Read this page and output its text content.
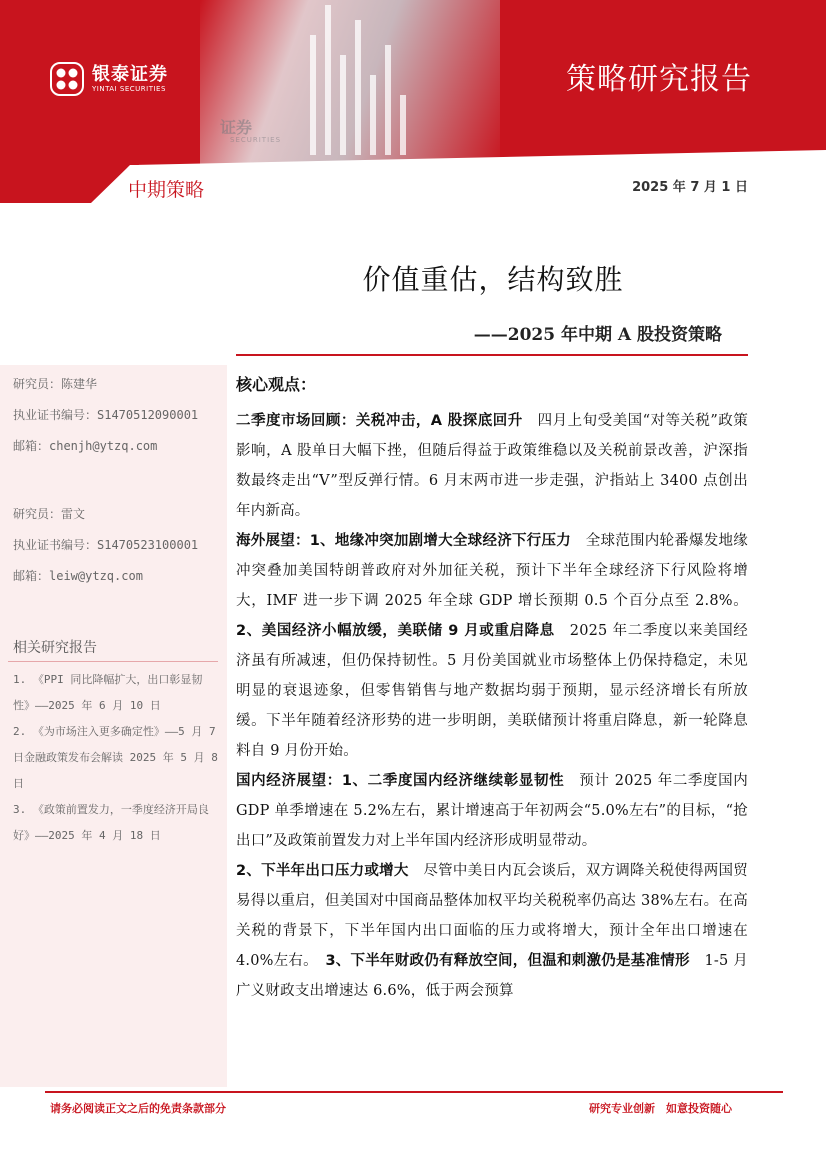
证券
SECURITIES
银泰证券
YINTAI SECURITIES	策略研究报告
中期策略	2025 年 7 月 1 日
价值重估，结构致胜
——2025 年中期 A 股投资策略
研究员：陈建华
执业证书编号：S1470512090001
邮箱：chenjh@ytzq.com
研究员：雷文
执业证书编号：S1470523100001
邮箱：leiw@ytzq.com
相关研究报告
1. 《PPI 同比降幅扩大，出口彰显韧性》——2025 年 6 月 10 日
2. 《为市场注入更多确定性》——5 月 7 日金融政策发布会解读 2025 年 5 月 8 日
3. 《政策前置发力，一季度经济开局良好》——2025 年 4 月 18 日
核心观点：

二季度市场回顾：关税冲击，A 股探底回升　四月上旬受美国“对等关税”政策影响，A 股单日大幅下挫，但随后得益于政策维稳以及关税前景改善，沪深指数最终走出“V”型反弹行情。6 月末两市进一步走强，沪指站上 3400 点创出年内新高。

海外展望：1、地缘冲突加剧增大全球经济下行压力　全球范围内轮番爆发地缘冲突叠加美国特朗普政府对外加征关税，预计下半年全球经济下行风险将增大，IMF 进一步下调 2025 年全球 GDP 增长预期 0.5 个百分点至 2.8%。2、美国经济小幅放缓，美联储 9 月或重启降息　2025 年二季度以来美国经济虽有所减速，但仍保持韧性。5 月份美国就业市场整体上仍保持稳定，未见明显的衰退迹象，但零售销售与地产数据均弱于预期，显示经济增长有所放缓。下半年随着经济形势的进一步明朗，美联储预计将重启降息，新一轮降息料自 9 月份开始。

国内经济展望：1、二季度国内经济继续彰显韧性　预计 2025 年二季度国内 GDP 单季增速在 5.2%左右，累计增速高于年初两会“5.0%左右”的目标，“抢出口”及政策前置发力对上半年国内经济形成明显带动。

2、下半年出口压力或增大　尽管中美日内瓦会谈后，双方调降关税使得两国贸易得以重启，但美国对中国商品整体加权平均关税税率仍高达 38%左右。在高关税的背景下，下半年国内出口面临的压力或将增大，预计全年出口增速在 4.0%左右。　 3、下半年财政仍有释放空间，但温和刺激仍是基准情形　1-5 月广义财政支出增速达 6.6%，低于两会预算

请务必阅读正文之后的免责条款部分	研究专业创新　如意投资随心
